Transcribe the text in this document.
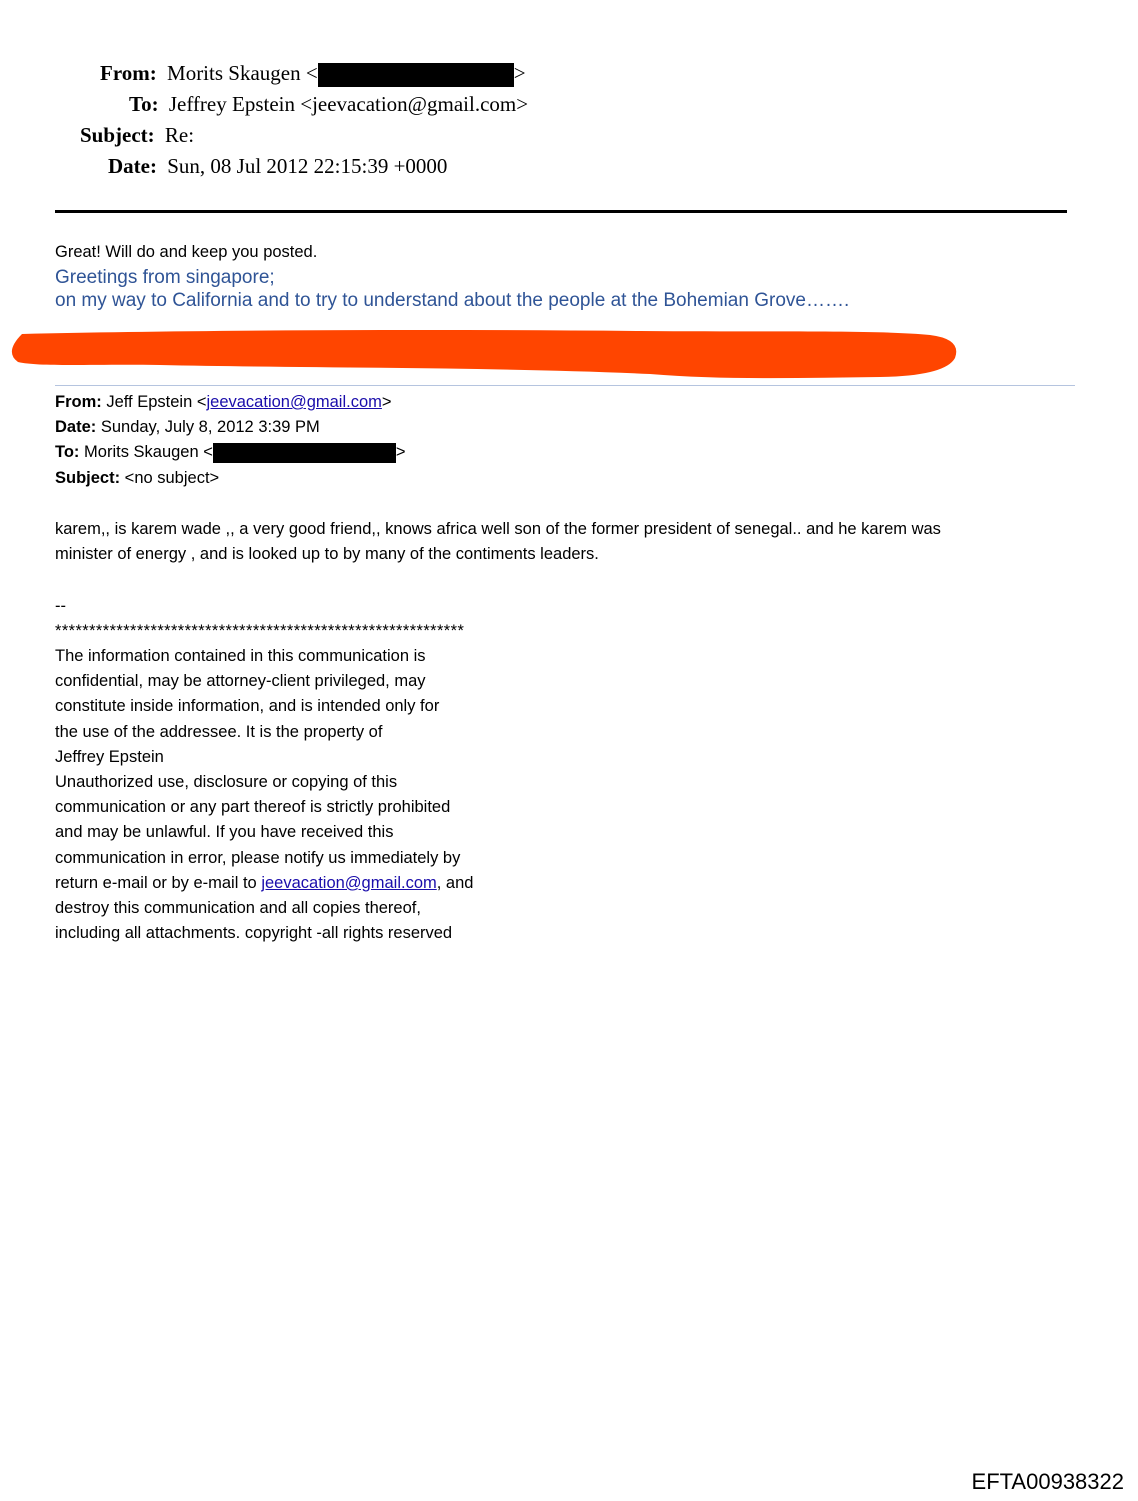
From: Morits Skaugen <	>
To: Jeffrey Epstein <jeevacation@gmail.com>
Subject: Re:
Date: Sun, 08 Jul 2012 22:15:39 +0000
Great! Will do and keep you posted.
Greetings from singapore;
on my way to California and to try to understand about the people at the Bohemian Grove…….
From: Jeff Epstein <jeevacation@gmail.com>
Date: Sunday, July 8, 2012 3:39 PM
To: Morits Skaugen <	>
Subject: <no subject>
karem,, is karem wade ,, a very good friend,, knows africa well son of the former president of senegal.. and he karem was
minister of energy , and is looked up to by many of the contiments leaders.
--
************************************************************
The information contained in this communication is
confidential, may be attorney-client privileged, may
constitute inside information, and is intended only for
the use of the addressee. It is the property of
Jeffrey Epstein
Unauthorized use, disclosure or copying of this
communication or any part thereof is strictly prohibited
and may be unlawful. If you have received this
communication in error, please notify us immediately by
return e-mail or by e-mail to jeevacation@gmail.com, and
destroy this communication and all copies thereof,
including all attachments. copyright -all rights reserved
EFTA00938322
